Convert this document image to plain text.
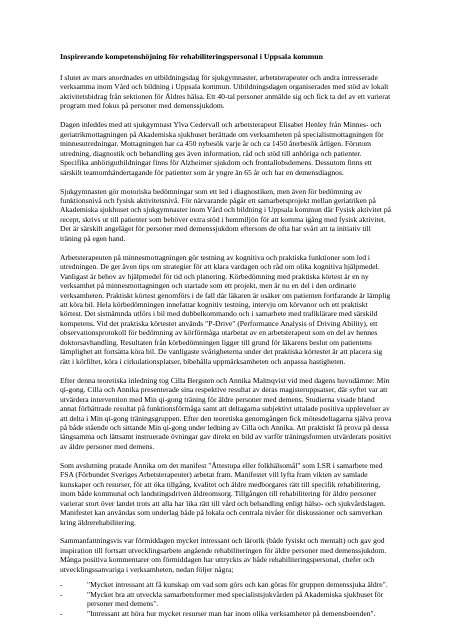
Inspirerande kompetenshöjning för rehabiliteringspersonal i Uppsala kommun

I slutet av mars anordnades en utbildningsdag för sjukgymnaster, arbetsterapeuter och andra intresserade verksamma inom Vård och bildning i Uppsala kommun. Utbildningsdagen organiserades med stöd av lokalt aktivitetsbidrag från sektionen för Äldres hälsa. Ett 40-tal personer anmälde sig och fick ta del av ett varierat program med fokus på personer med demenssjukdom.

Dagen inleddes med att sjukgymnast Ylva Cedervall och arbetsterapeut Elisabet Henley från Minnes- och geriatrikmottagningen på Akademiska sjukhuset berättade om verksamheten på specialistmottagningen för minnesutredningar. Mottagningen har ca 450 nybesök varje år och ca 1450 återbesök årligen. Förutom utredning, diagnostik och behandling ges även information, råd och stöd till anhöriga och patienter. Specifika anhörigutbildningar finns för Alzheimer sjukdom och frontallobsdemens. Dessutom finns ett särskilt teamomhändertagande för patienter som är yngre än 65 år och har en demensdiagnos.

Sjukgymnasten gör motoriska bedömningar som ett led i diagnostiken, men även för bedömning av funktionsnivå och fysisk aktivitetsnivå. För närvarande pågår ett samarbetsprojekt mellan geriatriken på Akademiska sjukhuset och sjukgymnaster inom Vård och bildning i Uppsala kommun där Fysisk aktivitet på recept, skrivs ut till patienter som behöver extra stöd i hemmiljön för att komma igång med fysisk aktivitet. Det är särskilt angeläget för personer med demenssjukdom eftersom de ofta har svårt att ta initiativ till träning på egen hand.

Arbetsterapeuten på minnesmottagningen gör testning av kognitiva och praktiska funktioner som led i utredningen. De ger även tips om strategier för att klara vardagen och råd om olika kognitiva hjälpmedel. Vanligast är behov av hjälpmedel för tid och planering. Körbedömning med praktiska körtest är en ny verksamhet på minnesmottagningen och startade som ett projekt, men är nu en del i den ordinarie verksamheten. Praktiskt körtest genomförs i de fall där läkaren är osäker om patienten fortfarande är lämplig att köra bil. Hela körbedömningen innefattar kognitiv testning, intervju om körvanor och ett praktiskt körtest. Det sistnämnda utförs i bil med dubbelkommando och i samarbete med trafiklärare med särskild kompetens. Vid det praktiska körtestet används "P-Drive" (Performance Analysis of Driving Ability), ett observationsprotokoll för bedömning av körförmåga utarbetat av en arbetsterapeut som en del av hennes doktorsavhandling. Resultaten från körbedömningen ligger till grund för läkarens beslut om patientens lämplighet att fortsätta köra bil. De vanligaste svårigheterna under det praktiska körtestet är att placera sig rätt i körfiltet, köra i cirkulationsplatser, bibehålla uppmärksamheten och anpassa hastigheten.

Efter denna teoretiska inledning tog Cilla Bergsten och Annika Malmqvist vid med dagens huvudämne: Min qi-gong. Cilla och Annika presenterade sina respektive resultat av deras magisteruppsatser, där syftet var att utvärdera intervention med Min qi-gong träning för äldre personer med demens. Studierna visade bland annat förbättrade resultat på funktionsförmåga samt att deltagarna subjektivt uttalade positiva upplevelser av att delta i Min qi-gong träningsgruppen. Efter den teoretiska genomgången fick mötesdeltagarna själva prova på både stående och sittande Min qi-gong under ledning av Cilla och Annika. Att praktiskt få prova på dessa långsamma och lättsamt instruerade övningar gav direkt en bild av varför träningsformen utvärderats positivt av äldre personer med demens.

Som avslutning pratade Annika om det manifest "Ättestupa eller folkhälsomål" som LSR i samarbete med FSA (Förbundet Sveriges Arbetsterapeuter) arbetat fram. Manifestet vill lyfta fram vikten av samlade kunskaper och resurser, för att öka tillgång, kvalitet och äldre medborgares rätt till specifik rehabilitering, inom både kommunal och landstingsdriven äldreomsorg. Tillgången till rehabilitering för äldre personer varierar stort över landet trots att alla har lika rätt till vård och behandling enligt hälso- och sjukvårdslagen. Manifestet kan användas som underlag både på lokala och centrala nivåer för diskussioner och samverkan kring äldrerehabilitering.

Sammanfattningsvis var förmiddagen mycket intressant och lärorik (både fysiskt och mentalt) och gav god inspiration till fortsatt utvecklingsarbete angående rehabiliteringen för äldre personer med demenssjukdom. Många positiva kommentarer om förmiddagen har uttryckts av både rehabiliteringspersonal, chefer och utvecklingssanvariga i verksamheten, nedan följer några;

-	"Mycket intressant att få kunskap om vad som görs och kan göras för gruppen demenssjuka äldre".
-	"Mycket bra att utveckla samarbetsformer med specialistsjukvården på Akademiska sjukhuset för personer med demens".
-	"Intressant att höra hur mycket resurser man har inom olika verksamheter på demensboenden".
